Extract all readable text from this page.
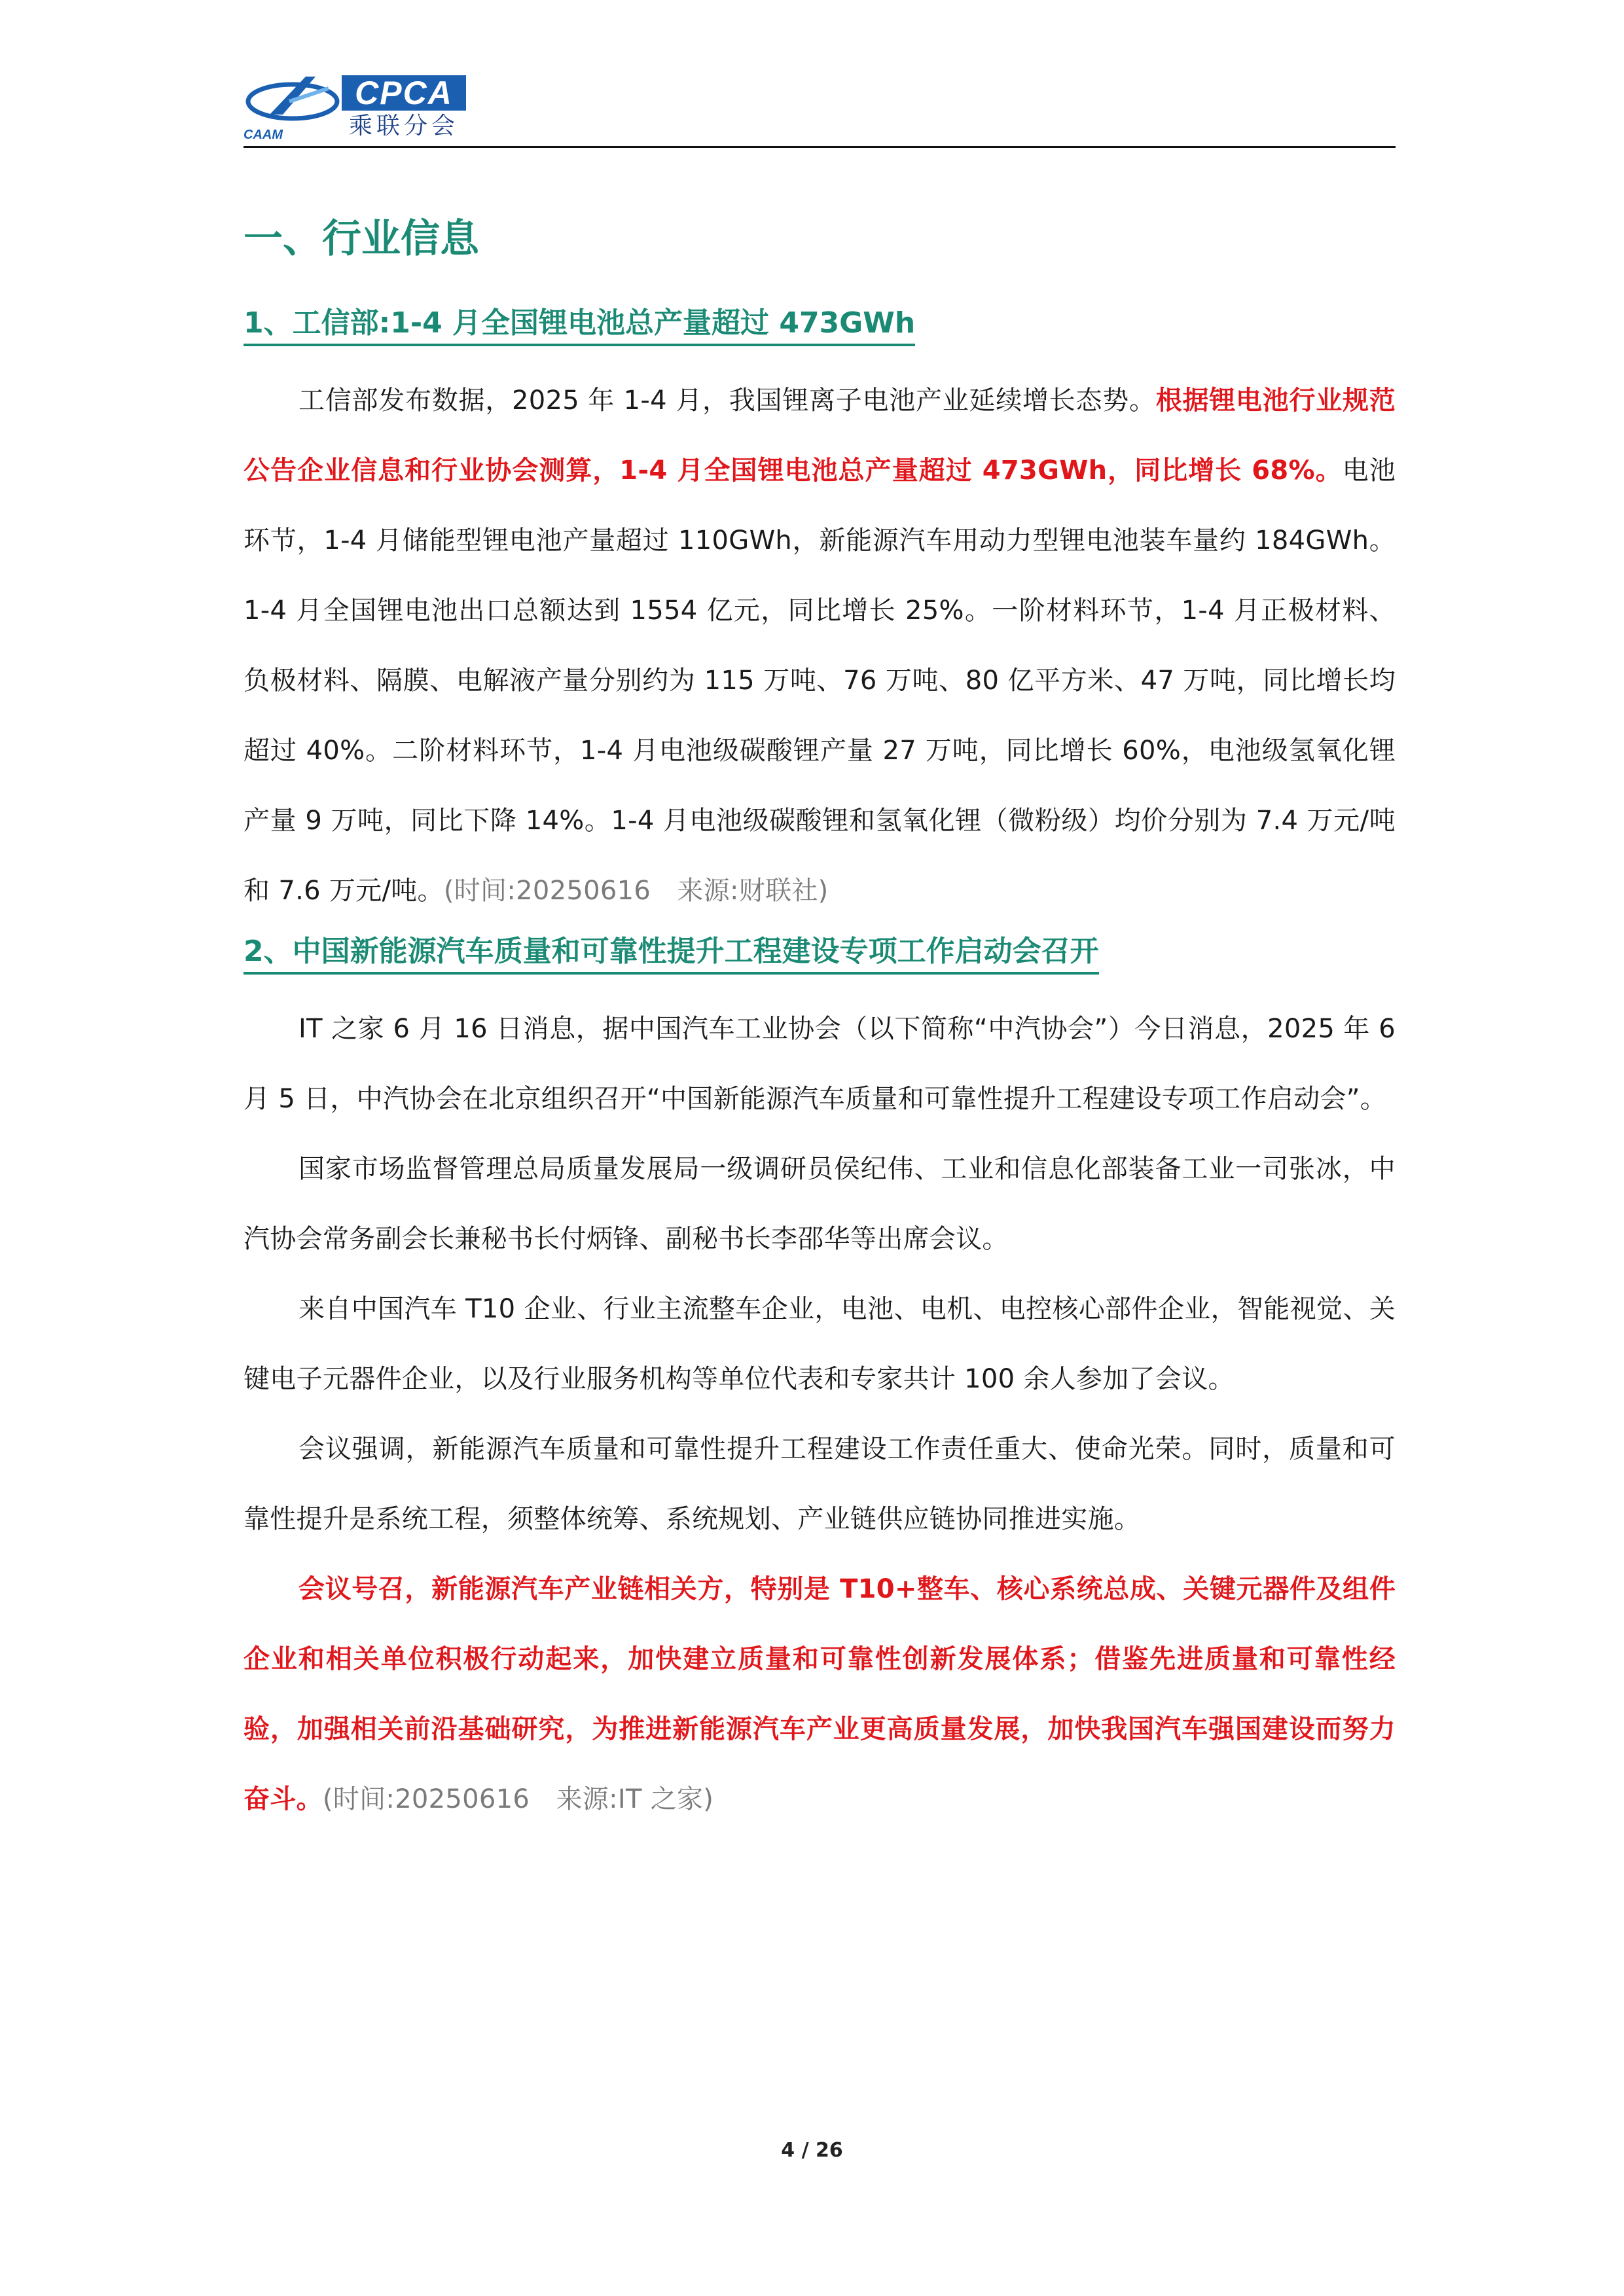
CAAM
CPCA
乘联分会
一、行业信息
1、工信部:1-4 月全国锂电池总产量超过 473GWh

工信部发布数据，2025 年 1-4 月，我国锂离子电池产业延续增长态势。根据锂电池行业规范公告企业信息和行业协会测算，1-4 月全国锂电池总产量超过 473GWh，同比增长 68%。电池环节，1-4 月储能型锂电池产量超过 110GWh，新能源汽车用动力型锂电池装车量约 184GWh。1-4 月全国锂电池出口总额达到 1554 亿元，同比增长 25%。一阶材料环节，1-4 月正极材料、负极材料、隔膜、电解液产量分别约为 115 万吨、76 万吨、80 亿平方米、47 万吨，同比增长均超过 40%。二阶材料环节，1-4 月电池级碳酸锂产量 27 万吨，同比增长 60%，电池级氢氧化锂产量 9 万吨，同比下降 14%。1-4 月电池级碳酸锂和氢氧化锂（微粉级）均价分别为 7.4 万元/吨和 7.6 万元/吨。(时间:20250616　来源:财联社)

2、中国新能源汽车质量和可靠性提升工程建设专项工作启动会召开

IT 之家 6 月 16 日消息，据中国汽车工业协会（以下简称“中汽协会”）今日消息，2025 年 6 月 5 日，中汽协会在北京组织召开“中国新能源汽车质量和可靠性提升工程建设专项工作启动会”。

国家市场监督管理总局质量发展局一级调研员侯纪伟、工业和信息化部装备工业一司张冰，中汽协会常务副会长兼秘书长付炳锋、副秘书长李邵华等出席会议。

来自中国汽车 T10 企业、行业主流整车企业，电池、电机、电控核心部件企业，智能视觉、关键电子元器件企业，以及行业服务机构等单位代表和专家共计 100 余人参加了会议。

会议强调，新能源汽车质量和可靠性提升工程建设工作责任重大、使命光荣。同时，质量和可靠性提升是系统工程，须整体统筹、系统规划、产业链供应链协同推进实施。

会议号召，新能源汽车产业链相关方，特别是 T10+整车、核心系统总成、关键元器件及组件企业和相关单位积极行动起来，加快建立质量和可靠性创新发展体系；借鉴先进质量和可靠性经验，加强相关前沿基础研究，为推进新能源汽车产业更高质量发展，加快我国汽车强国建设而努力奋斗。(时间:20250616　来源:IT 之家)

4 / 26
